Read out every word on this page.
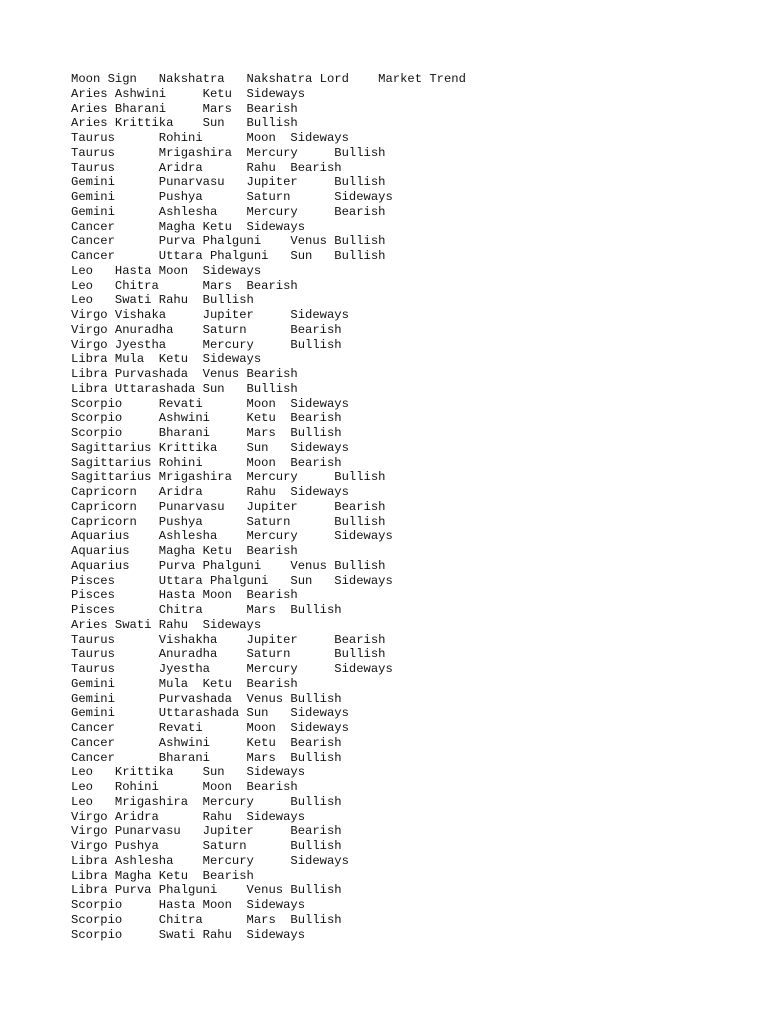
Moon Sign   Nakshatra   Nakshatra Lord    Market Trend
Aries Ashwini     Ketu  Sideways
Aries Bharani     Mars  Bearish
Aries Krittika    Sun   Bullish
Taurus      Rohini      Moon  Sideways
Taurus      Mrigashira  Mercury     Bullish
Taurus      Aridra      Rahu  Bearish
Gemini      Punarvasu   Jupiter     Bullish
Gemini      Pushya      Saturn      Sideways
Gemini      Ashlesha    Mercury     Bearish
Cancer      Magha Ketu  Sideways
Cancer      Purva Phalguni    Venus Bullish
Cancer      Uttara Phalguni   Sun   Bullish
Leo   Hasta Moon  Sideways
Leo   Chitra      Mars  Bearish
Leo   Swati Rahu  Bullish
Virgo Vishaka     Jupiter     Sideways
Virgo Anuradha    Saturn      Bearish
Virgo Jyestha     Mercury     Bullish
Libra Mula  Ketu  Sideways
Libra Purvashada  Venus Bearish
Libra Uttarashada Sun   Bullish
Scorpio     Revati      Moon  Sideways
Scorpio     Ashwini     Ketu  Bearish
Scorpio     Bharani     Mars  Bullish
Sagittarius Krittika    Sun   Sideways
Sagittarius Rohini      Moon  Bearish
Sagittarius Mrigashira  Mercury     Bullish
Capricorn   Aridra      Rahu  Sideways
Capricorn   Punarvasu   Jupiter     Bearish
Capricorn   Pushya      Saturn      Bullish
Aquarius    Ashlesha    Mercury     Sideways
Aquarius    Magha Ketu  Bearish
Aquarius    Purva Phalguni    Venus Bullish
Pisces      Uttara Phalguni   Sun   Sideways
Pisces      Hasta Moon  Bearish
Pisces      Chitra      Mars  Bullish
Aries Swati Rahu  Sideways
Taurus      Vishakha    Jupiter     Bearish
Taurus      Anuradha    Saturn      Bullish
Taurus      Jyestha     Mercury     Sideways
Gemini      Mula  Ketu  Bearish
Gemini      Purvashada  Venus Bullish
Gemini      Uttarashada Sun   Sideways
Cancer      Revati      Moon  Sideways
Cancer      Ashwini     Ketu  Bearish
Cancer      Bharani     Mars  Bullish
Leo   Krittika    Sun   Sideways
Leo   Rohini      Moon  Bearish
Leo   Mrigashira  Mercury     Bullish
Virgo Aridra      Rahu  Sideways
Virgo Punarvasu   Jupiter     Bearish
Virgo Pushya      Saturn      Bullish
Libra Ashlesha    Mercury     Sideways
Libra Magha Ketu  Bearish
Libra Purva Phalguni    Venus Bullish
Scorpio     Hasta Moon  Sideways
Scorpio     Chitra      Mars  Bullish
Scorpio     Swati Rahu  Sideways
